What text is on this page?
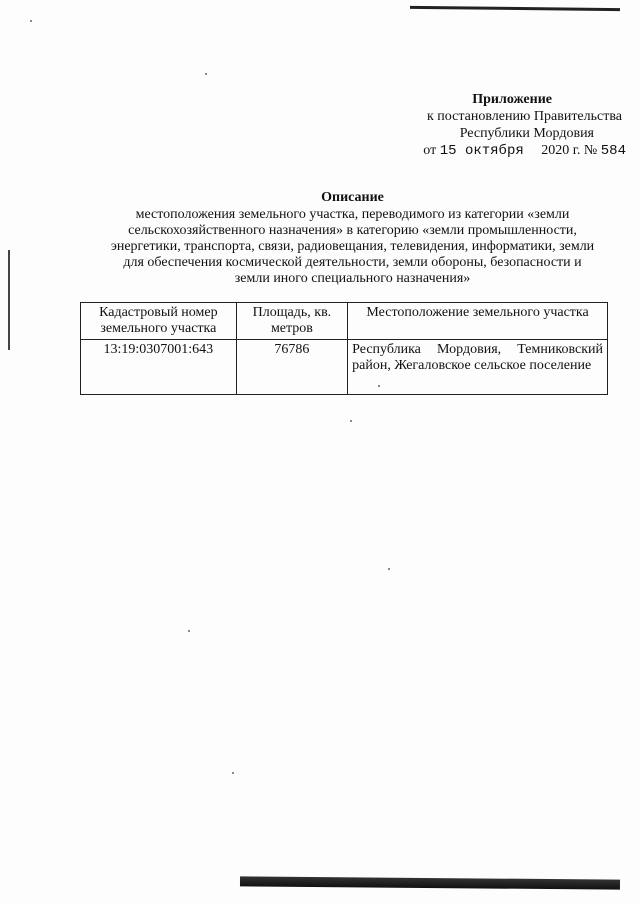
Приложение
к постановлению Правительства
Республики Мордовия
от 15 октября 2020 г. № 584
Описание
местоположения земельного участка, переводимого из категории «земли
сельскохозяйственного назначения» в категорию «земли промышленности,
энергетики, транспорта, связи, радиовещания, телевидения, информатики, земли
для обеспечения космической деятельности, земли обороны, безопасности и
земли иного специального назначения»
Кадастровый номер земельного участка	Площадь, кв. метров	Местоположение земельного участка
13:19:0307001:643	76786	Республика Мордовия, Темниковский район, Жегаловское сельское поселение
